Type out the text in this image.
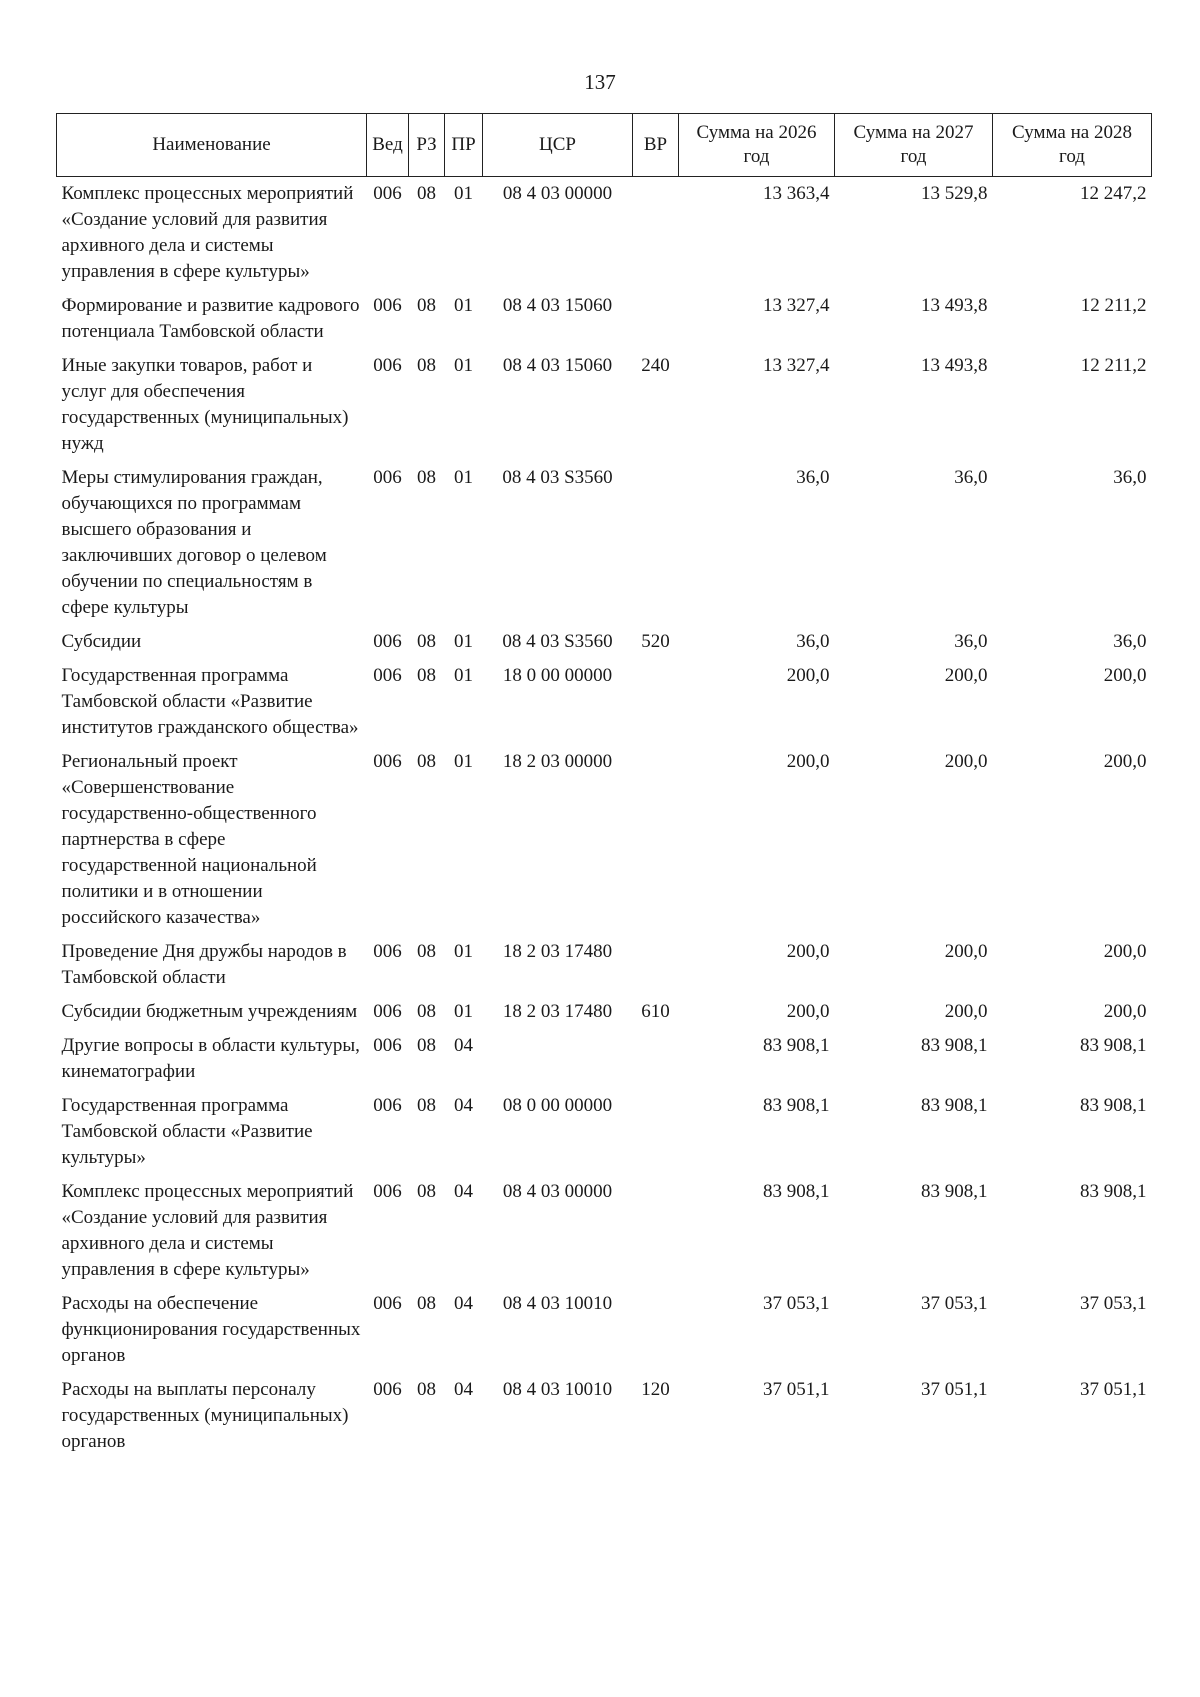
137
Наименование	Вед	РЗ	ПР	ЦСР	ВР	Сумма на 2026 год	Сумма на 2027 год	Сумма на 2028 год
Комплекс процессных мероприятий «Создание условий для развития архивного дела и системы управления в сфере культуры»	006	08	01	08 4 03 00000		13 363,4	13 529,8	12 247,2
Формирование и развитие кадрового потенциала Тамбовской области	006	08	01	08 4 03 15060		13 327,4	13 493,8	12 211,2
Иные закупки товаров, работ и услуг для обеспечения государственных (муниципальных) нужд	006	08	01	08 4 03 15060	240	13 327,4	13 493,8	12 211,2
Меры стимулирования граждан, обучающихся по программам высшего образования и заключивших договор о целевом обучении по специальностям в сфере культуры	006	08	01	08 4 03 S3560		36,0	36,0	36,0
Субсидии	006	08	01	08 4 03 S3560	520	36,0	36,0	36,0
Государственная программа Тамбовской области «Развитие институтов гражданского общества»	006	08	01	18 0 00 00000		200,0	200,0	200,0
Региональный проект «Совершенствование государственно-общественного партнерства в сфере государственной национальной политики и в отношении российского казачества»	006	08	01	18 2 03 00000		200,0	200,0	200,0
Проведение Дня дружбы народов в Тамбовской области	006	08	01	18 2 03 17480		200,0	200,0	200,0
Субсидии бюджетным учреждениям	006	08	01	18 2 03 17480	610	200,0	200,0	200,0
Другие вопросы в области культуры, кинематографии	006	08	04			83 908,1	83 908,1	83 908,1
Государственная программа Тамбовской области «Развитие культуры»	006	08	04	08 0 00 00000		83 908,1	83 908,1	83 908,1
Комплекс процессных мероприятий «Создание условий для развития архивного дела и системы управления в сфере культуры»	006	08	04	08 4 03 00000		83 908,1	83 908,1	83 908,1
Расходы на обеспечение функционирования государственных органов	006	08	04	08 4 03 10010		37 053,1	37 053,1	37 053,1
Расходы на выплаты персоналу государственных (муниципальных) органов	006	08	04	08 4 03 10010	120	37 051,1	37 051,1	37 051,1
